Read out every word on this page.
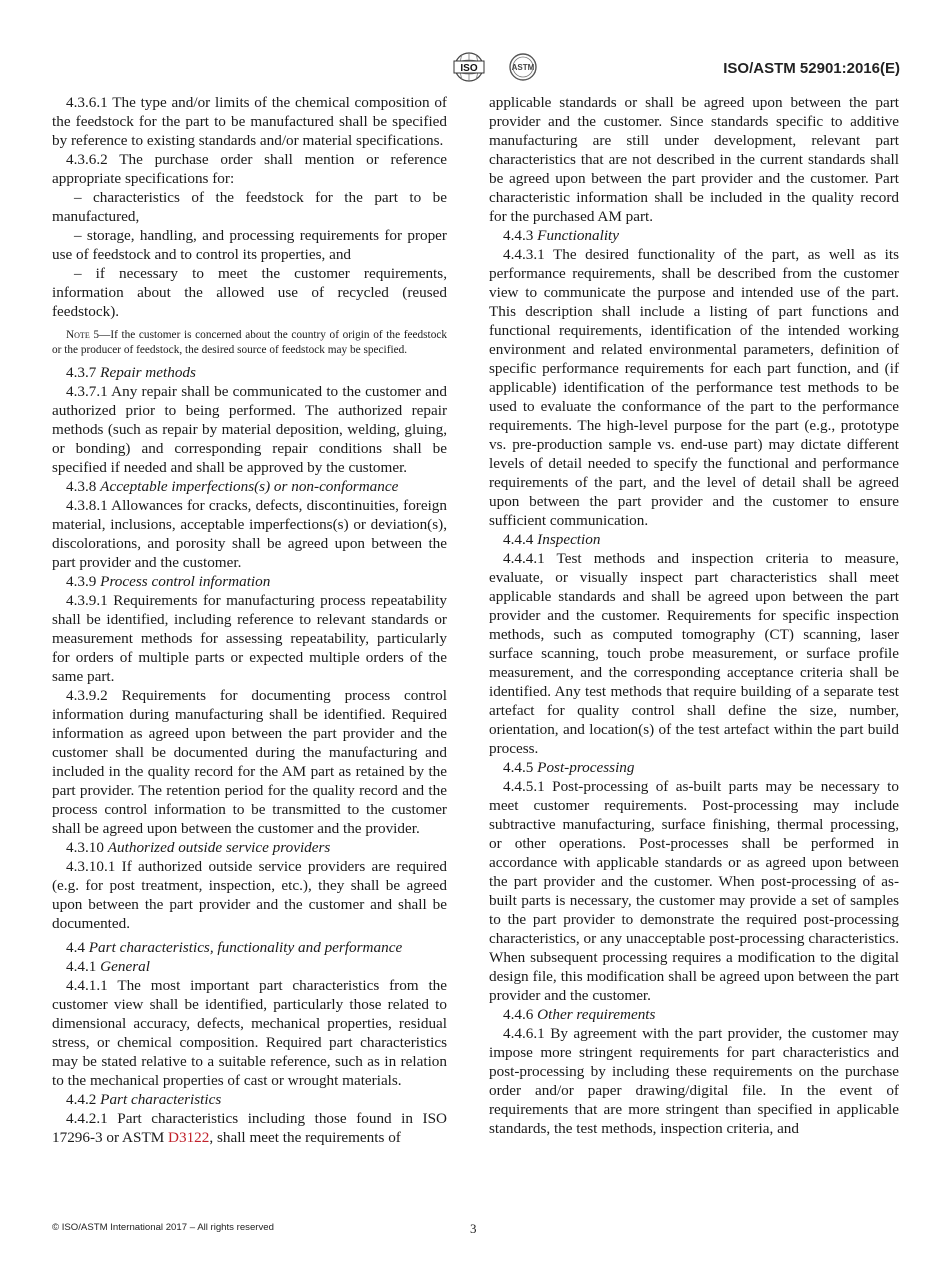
ISO	ASTM	ISO/ASTM 52901:2016(E)

4.3.6.1 The type and/or limits of the chemical composition of the feedstock for the part to be manufactured shall be specified by reference to existing standards and/or material specifications.

4.3.6.2 The purchase order shall mention or reference appropriate specifications for:

– characteristics of the feedstock for the part to be manufactured,

– storage, handling, and processing requirements for proper use of feedstock and to control its properties, and

– if necessary to meet the customer requirements, information about the allowed use of recycled (reused feedstock).

Note 5—If the customer is concerned about the country of origin of the feedstock or the producer of feedstock, the desired source of feedstock may be specified.

4.3.7 Repair methods

4.3.7.1 Any repair shall be communicated to the customer and authorized prior to being performed. The authorized repair methods (such as repair by material deposition, welding, gluing, or bonding) and corresponding repair conditions shall be specified if needed and shall be approved by the customer.

4.3.8 Acceptable imperfections(s) or non-conformance

4.3.8.1 Allowances for cracks, defects, discontinuities, foreign material, inclusions, acceptable imperfections(s) or deviation(s), discolorations, and porosity shall be agreed upon between the part provider and the customer.

4.3.9 Process control information

4.3.9.1 Requirements for manufacturing process repeatability shall be identified, including reference to relevant standards or measurement methods for assessing repeatability, particularly for orders of multiple parts or expected multiple orders of the same part.

4.3.9.2 Requirements for documenting process control information during manufacturing shall be identified. Required information as agreed upon between the part provider and the customer shall be documented during the manufacturing and included in the quality record for the AM part as retained by the part provider. The retention period for the quality record and the process control information to be transmitted to the customer shall be agreed upon between the customer and the provider.

4.3.10 Authorized outside service providers

4.3.10.1 If authorized outside service providers are required (e.g. for post treatment, inspection, etc.), they shall be agreed upon between the part provider and the customer and shall be documented.

4.4 Part characteristics, functionality and performance

4.4.1 General

4.4.1.1 The most important part characteristics from the customer view shall be identified, particularly those related to dimensional accuracy, defects, mechanical properties, residual stress, or chemical composition. Required part characteristics may be stated relative to a suitable reference, such as in relation to the mechanical properties of cast or wrought materials.

4.4.2 Part characteristics

4.4.2.1 Part characteristics including those found in ISO 17296-3 or ASTM D3122, shall meet the requirements of

applicable standards or shall be agreed upon between the part provider and the customer. Since standards specific to additive manufacturing are still under development, relevant part characteristics that are not described in the current standards shall be agreed upon between the part provider and the customer. Part characteristic information shall be included in the quality record for the purchased AM part.

4.4.3 Functionality

4.4.3.1 The desired functionality of the part, as well as its performance requirements, shall be described from the customer view to communicate the purpose and intended use of the part. This description shall include a listing of part functions and functional requirements, identification of the intended working environment and related environmental parameters, definition of specific performance requirements for each part function, and (if applicable) identification of the performance test methods to be used to evaluate the conformance of the part to the performance requirements. The high-level purpose for the part (e.g., prototype vs. pre-production sample vs. end-use part) may dictate different levels of detail needed to specify the functional and performance requirements of the part, and the level of detail shall be agreed upon between the part provider and the customer to ensure sufficient communication.

4.4.4 Inspection

4.4.4.1 Test methods and inspection criteria to measure, evaluate, or visually inspect part characteristics shall meet applicable standards and shall be agreed upon between the part provider and the customer. Requirements for specific inspection methods, such as computed tomography (CT) scanning, laser surface scanning, touch probe measurement, or surface profile measurement, and the corresponding acceptance criteria shall be identified. Any test methods that require building of a separate test artefact for quality control shall define the size, number, orientation, and location(s) of the test artefact within the part build process.

4.4.5 Post-processing

4.4.5.1 Post-processing of as-built parts may be necessary to meet customer requirements. Post-processing may include subtractive manufacturing, surface finishing, thermal processing, or other operations. Post-processes shall be performed in accordance with applicable standards or as agreed upon between the part provider and the customer. When post-processing of as-built parts is necessary, the customer may provide a set of samples to the part provider to demonstrate the required post-processing characteristics, or any unacceptable post-processing characteristics. When subsequent processing requires a modification to the digital design file, this modification shall be agreed upon between the part provider and the customer.

4.4.6 Other requirements

4.4.6.1 By agreement with the part provider, the customer may impose more stringent requirements for part characteristics and post-processing by including these requirements on the purchase order and/or paper drawing/digital file. In the event of requirements that are more stringent than specified in applicable standards, the test methods, inspection criteria, and

© ISO/ASTM International 2017 – All rights reserved	3
